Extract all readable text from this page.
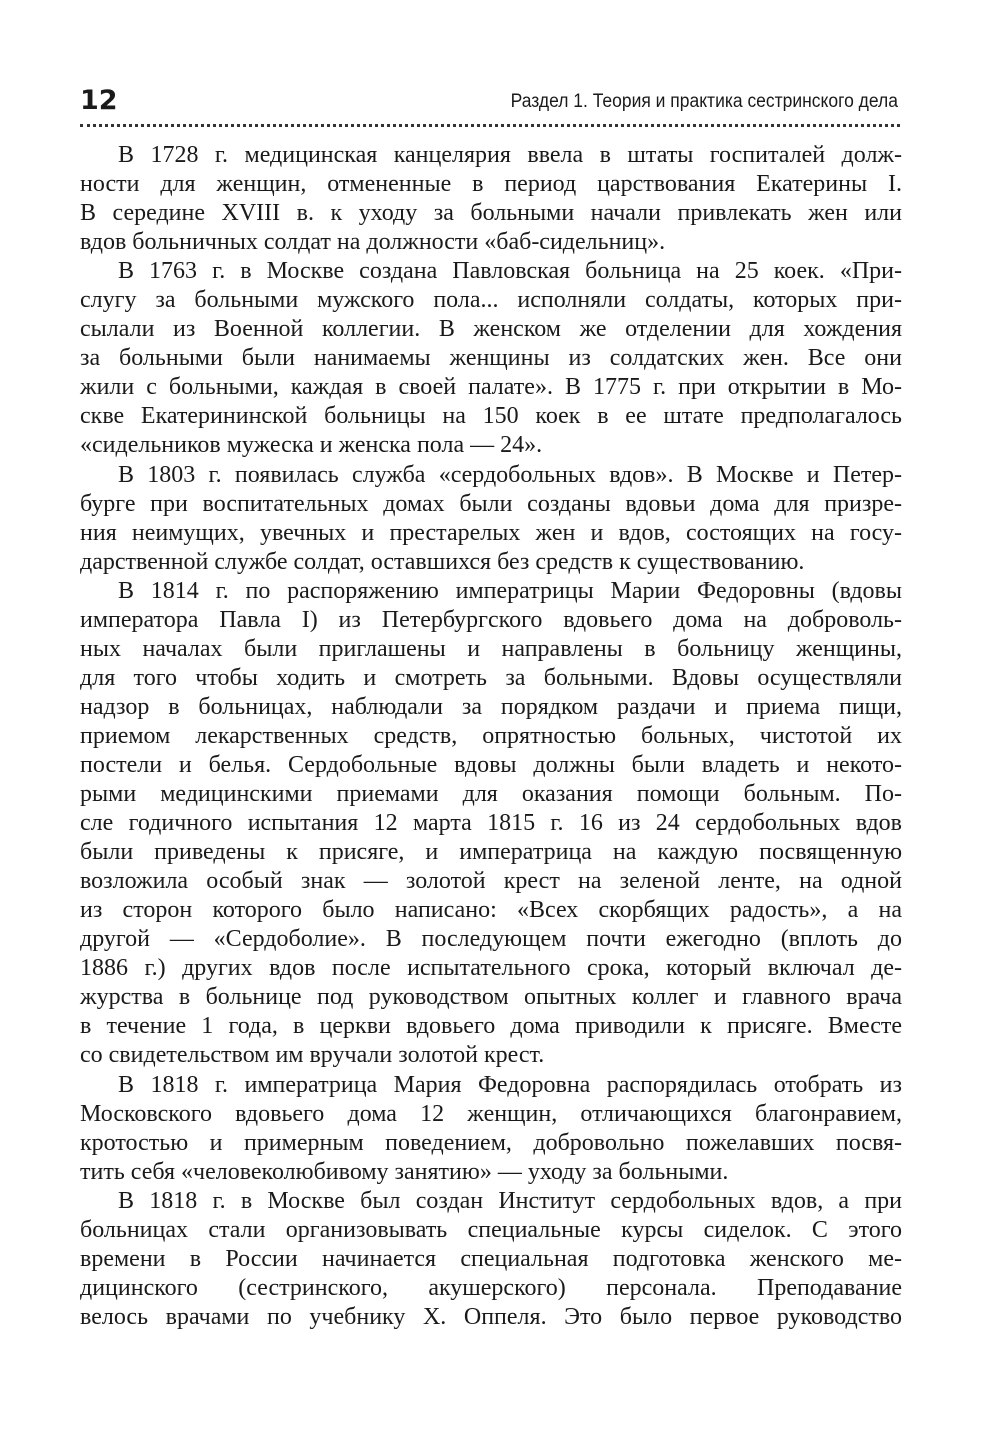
12	Раздел 1. Теория и практика сестринского дела
В 1728 г. медицинская канцелярия ввела в штаты госпиталей долж-
ности для женщин, отмененные в период царствования Екатерины I.
В середине XVIII в. к уходу за больными начали привлекать жен или
вдов больничных солдат на должности «баб-сидельниц».
В 1763 г. в Москве создана Павловская больница на 25 коек. «При-
слугу за больными мужского пола... исполняли солдаты, которых при-
сылали из Военной коллегии. В женском же отделении для хождения
за больными были нанимаемы женщины из солдатских жен. Все они
жили с больными, каждая в своей палате». В 1775 г. при открытии в Мо-
скве Екатерининской больницы на 150 коек в ее штате предполагалось
«сидельников мужеска и женска пола — 24».
В 1803 г. появилась служба «сердобольных вдов». В Москве и Петер-
бурге при воспитательных домах были созданы вдовьи дома для призре-
ния неимущих, увечных и престарелых жен и вдов, состоящих на госу-
дарственной службе солдат, оставшихся без средств к существованию.
В 1814 г. по распоряжению императрицы Марии Федоровны (вдовы
императора Павла I) из Петербургского вдовьего дома на доброволь-
ных началах были приглашены и направлены в больницу женщины,
для того чтобы ходить и смотреть за больными. Вдовы осуществляли
надзор в больницах, наблюдали за порядком раздачи и приема пищи,
приемом лекарственных средств, опрятностью больных, чистотой их
постели и белья. Сердобольные вдовы должны были владеть и некото-
рыми медицинскими приемами для оказания помощи больным. По-
сле годичного испытания 12 марта 1815 г. 16 из 24 сердобольных вдов
были приведены к присяге, и императрица на каждую посвященную
возложила особый знак — золотой крест на зеленой ленте, на одной
из сторон которого было написано: «Всех скорбящих радость», а на
другой — «Сердоболие». В последующем почти ежегодно (вплоть до
1886 г.) других вдов после испытательного срока, который включал де-
журства в больнице под руководством опытных коллег и главного врача
в течение 1 года, в церкви вдовьего дома приводили к присяге. Вместе
со свидетельством им вручали золотой крест.
В 1818 г. императрица Мария Федоровна распорядилась отобрать из
Московского вдовьего дома 12 женщин, отличающихся благонравием,
кротостью и примерным поведением, добровольно пожелавших посвя-
тить себя «человеколюбивому занятию» — уходу за больными.
В 1818 г. в Москве был создан Институт сердобольных вдов, а при
больницах стали организовывать специальные курсы сиделок. С этого
времени в России начинается специальная подготовка женского ме-
дицинского (сестринского, акушерского) персонала. Преподавание
велось врачами по учебнику Х. Оппеля. Это было первое руководство
